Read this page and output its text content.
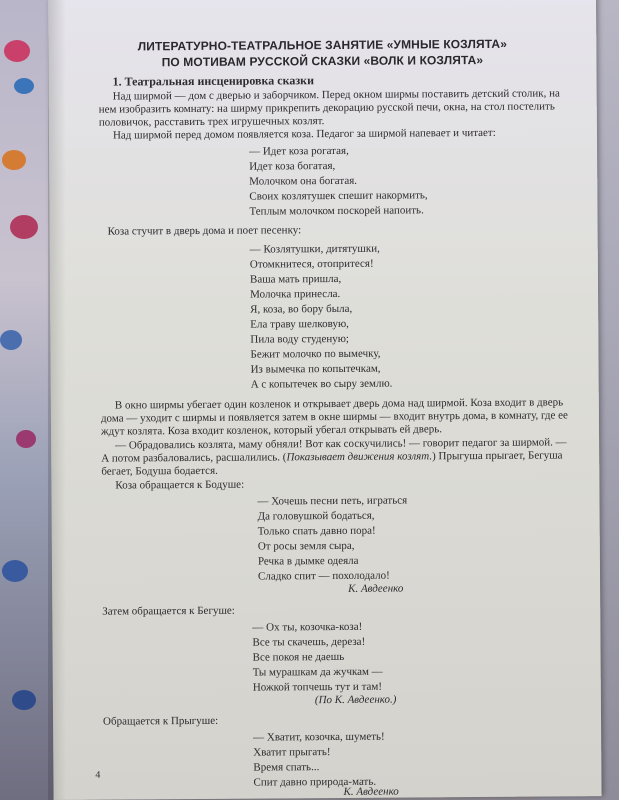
ЛИТЕРАТУРНО-ТЕАТРАЛЬНОЕ ЗАНЯТИЕ «УМНЫЕ КОЗЛЯТА»
ПО МОТИВАМ РУССКОЙ СКАЗКИ «ВОЛК И КОЗЛЯТА»
1. Театральная инсценировка сказки
Над ширмой — дом с дверью и заборчиком. Перед окном ширмы поставить детский столик, на
нем изобразить комнату: на ширму прикрепить декорацию русской печи, окна, на стол постелить
половичок, расставить трех игрушечных козлят.
Над ширмой перед домом появляется коза. Педагог за ширмой напевает и читает:
— Идет коза рогатая,
Идет коза богатая,
Молочком она богатая.
Своих козлятушек спешит накормить,
Теплым молочком поскорей напоить.
Коза стучит в дверь дома и поет песенку:
— Козлятушки, дитятушки,
Отомкнитеся, отопритеся!
Ваша мать пришла,
Молочка принесла.
Я, коза, во бору была,
Ела траву шелковую,
Пила воду студеную;
Бежит молочко по вымечку,
Из вымечка по копытечкам,
А с копытечек во сыру землю.
В окно ширмы убегает один козленок и открывает дверь дома над ширмой. Коза входит в дверь
дома — уходит с ширмы и появляется затем в окне ширмы — входит внутрь дома, в комнату, где ее
ждут козлята. Коза входит козленок, который убегал открывать ей дверь.
— Обрадовались козлята, маму обняли! Вот как соскучились! — говорит педагог за ширмой. —
А потом разбаловались, расшалились. (Показывает движения козлят.) Прыгуша прыгает, Бегуша
бегает, Бодуша бодается.
Коза обращается к Бодуше:
— Хочешь песни петь, играться
Да головушкой бодаться,
Только спать давно пора!
От росы земля сыра,
Речка в дымке одеяла
Сладко спит — похолодало!
К. Авдеенко
Затем обращается к Бегуше:
— Ох ты, козочка-коза!
Все ты скачешь, дереза!
Все покоя не даешь
Ты мурашкам да жучкам —
Ножкой топчешь тут и там!
(По К. Авдеенко.)
Обращается к Прыгуше:
— Хватит, козочка, шуметь!
Хватит прыгать!
Время спать...
Спит давно природа-мать.
К. Авдеенко
4
